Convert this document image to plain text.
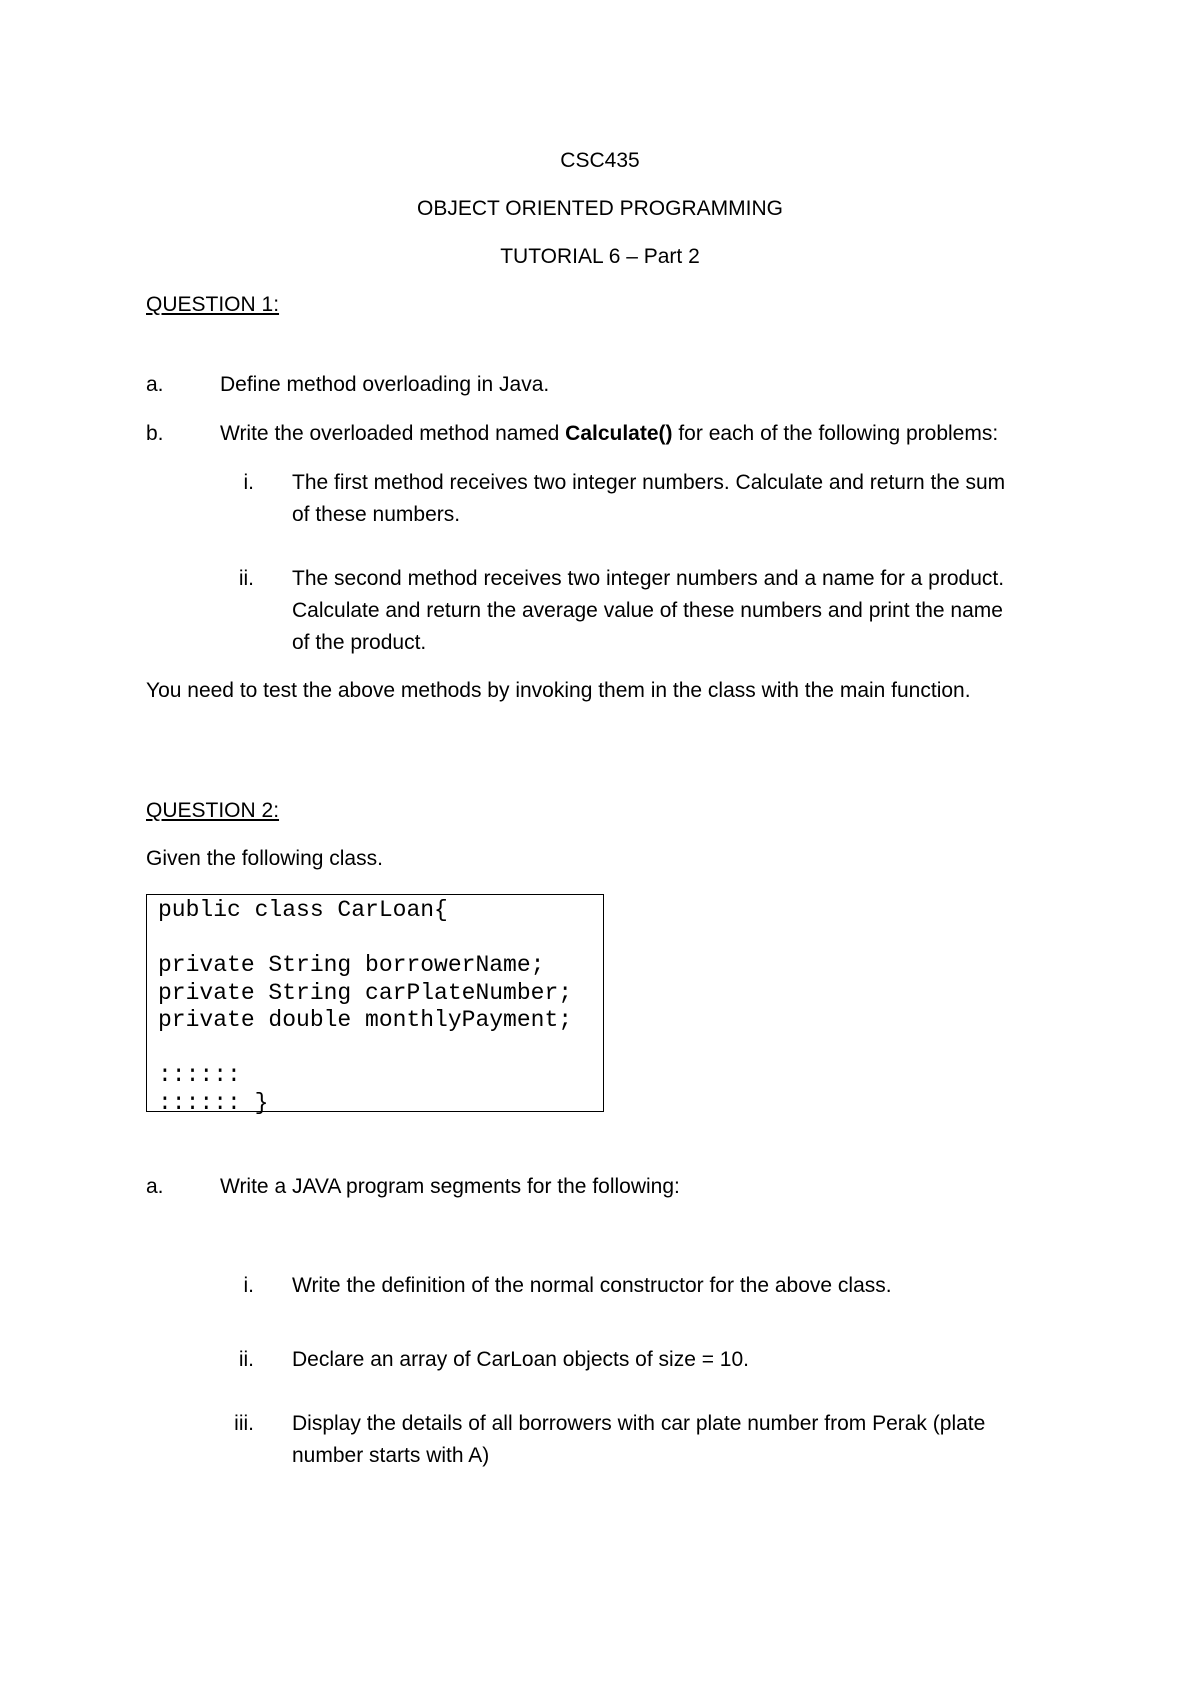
CSC435
OBJECT ORIENTED PROGRAMMING
TUTORIAL 6 – Part 2
QUESTION 1:
a.	Define method overloading in Java.
b.	Write the overloaded method named Calculate() for each of the following problems:
i. The first method receives two integer numbers. Calculate and return the sum
of these numbers.
ii. The second method receives two integer numbers and a name for a product.
Calculate and return the average value of these numbers and print the name
of the product.
You need to test the above methods by invoking them in the class with the main function.
QUESTION 2:
Given the following class.
public class CarLoan{
private String borrowerName;
private String carPlateNumber;
private double monthlyPayment;
::::::
:::::: }
a.	Write a JAVA program segments for the following:
i. Write the definition of the normal constructor for the above class.
ii. Declare an array of CarLoan objects of size = 10.
iii. Display the details of all borrowers with car plate number from Perak (plate
number starts with A)
